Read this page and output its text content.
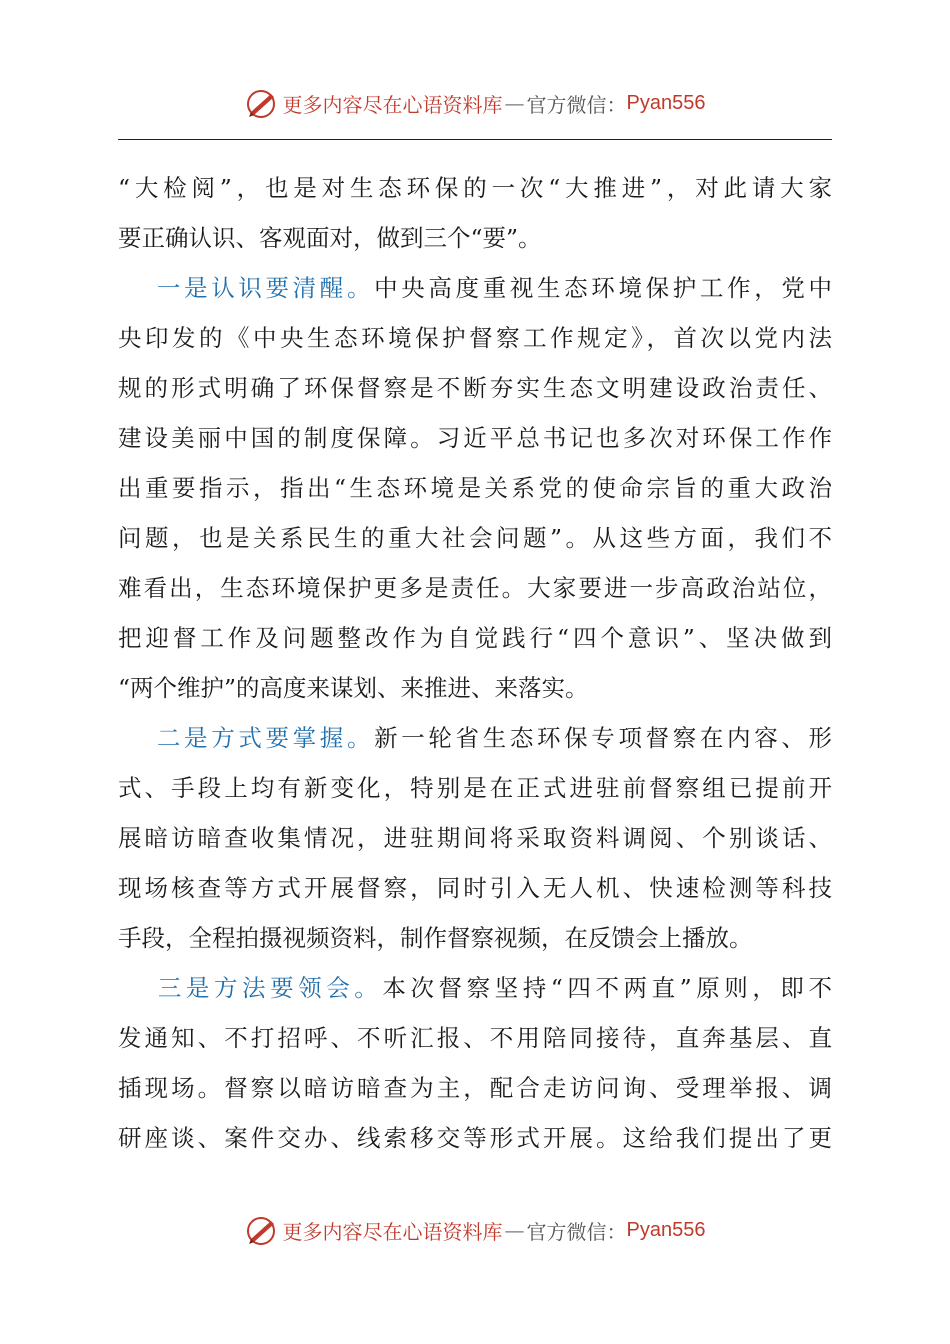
更多内容尽在心语资料库 — 官方微信： Pyan556
“大检阅”，也是对生态环保的一次“大推进”，对此请大家
要正确认识、客观面对，做到三个“要”。
  一是认识要清醒。中央高度重视生态环境保护工作，党中
央印发的《中央生态环境保护督察工作规定》，首次以党内法
规的形式明确了环保督察是不断夯实生态文明建设政治责任、
建设美丽中国的制度保障。习近平总书记也多次对环保工作作
出重要指示，指出“生态环境是关系党的使命宗旨的重大政治
问题，也是关系民生的重大社会问题”。从这些方面，我们不
难看出，生态环境保护更多是责任。大家要进一步高政治站位，
把迎督工作及问题整改作为自觉践行“四个意识”、坚决做到
“两个维护”的高度来谋划、来推进、来落实。
  二是方式要掌握。新一轮省生态环保专项督察在内容、形
式、手段上均有新变化，特别是在正式进驻前督察组已提前开
展暗访暗查收集情况，进驻期间将采取资料调阅、个别谈话、
现场核查等方式开展督察，同时引入无人机、快速检测等科技
手段，全程拍摄视频资料，制作督察视频，在反馈会上播放。
  三是方法要领会。本次督察坚持“四不两直”原则，即不
发通知、不打招呼、不听汇报、不用陪同接待，直奔基层、直
插现场。督察以暗访暗查为主，配合走访问询、受理举报、调
研座谈、案件交办、线索移交等形式开展。这给我们提出了更
更多内容尽在心语资料库 — 官方微信： Pyan556
